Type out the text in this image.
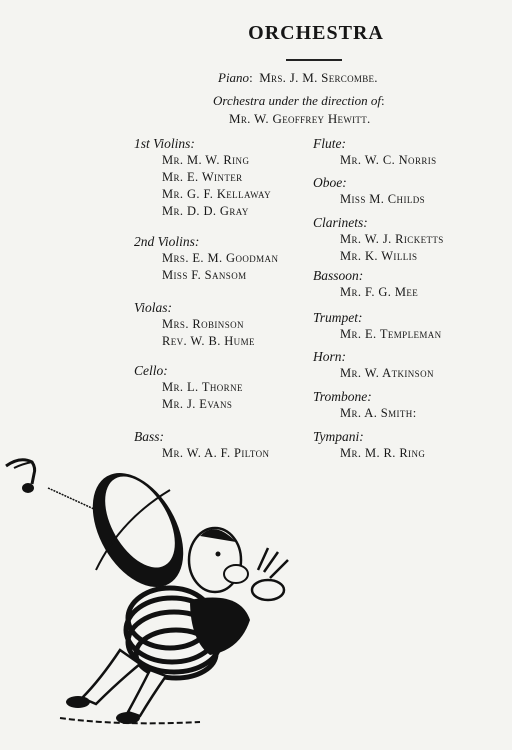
ORCHESTRA
Piano: Mrs. J. M. Sercombe.
Orchestra under the direction of:
Mr. W. Geoffrey Hewitt.
1st Violins:
Mr. M. W. Ring
Mr. E. Winter
Mr. G. F. Kellaway
Mr. D. D. Gray
2nd Violins:
Mrs. E. M. Goodman
Miss F. Sansom
Violas:
Mrs. Robinson
Rev. W. B. Hume
Cello:
Mr. L. Thorne
Mr. J. Evans
Bass:
Mr. W. A. F. Pilton
Flute:
Mr. W. C. Norris
Oboe:
Miss M. Childs
Clarinets:
Mr. W. J. Ricketts
Mr. K. Willis
Bassoon:
Mr. F. G. Mee
Trumpet:
Mr. E. Templeman
Horn:
Mr. W. Atkinson
Trombone:
Mr. A. Smith:
Tympani:
Mr. M. R. Ring
